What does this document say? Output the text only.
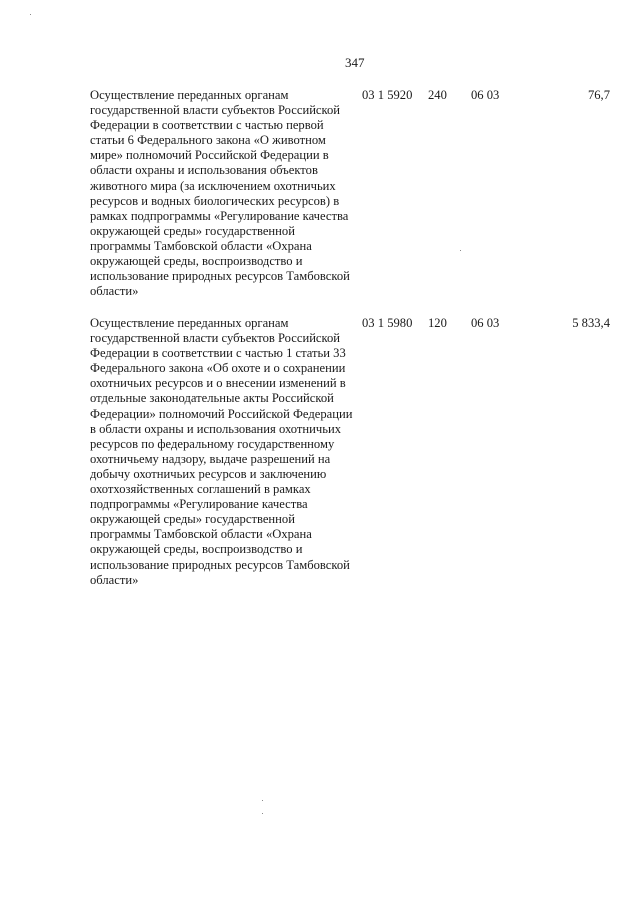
347
Осуществление переданных органам государственной власти субъектов Российской Федерации в соответствии с частью первой статьи 6 Федерального закона «О животном мире» полномочий Российской Федерации в области охраны и использования объектов животного мира (за исключением охотничьих ресурсов и водных биологических ресурсов) в рамках подпрограммы «Регулирование качества окружающей среды» государственной программы Тамбовской области «Охрана окружающей среды, воспроизводство и использование природных ресурсов Тамбовской области»
03 1 5920 240 06 03	76,7
Осуществление переданных органам государственной власти субъектов Российской Федерации в соответствии с частью 1 статьи 33 Федерального закона «Об охоте и о сохранении охотничьих ресурсов и о внесении изменений в отдельные законодательные акты Российской Федерации» полномочий Российской Федерации в области охраны и использования охотничьих ресурсов по федеральному государственному охотничьему надзору, выдаче разрешений на добычу охотничьих ресурсов и заключению охотхозяйственных соглашений в рамках подпрограммы «Регулирование качества окружающей среды» государственной программы Тамбовской области «Охрана окружающей среды, воспроизводство и использование природных ресурсов Тамбовской области»
03 1 5980 120 06 03	5 833,4
